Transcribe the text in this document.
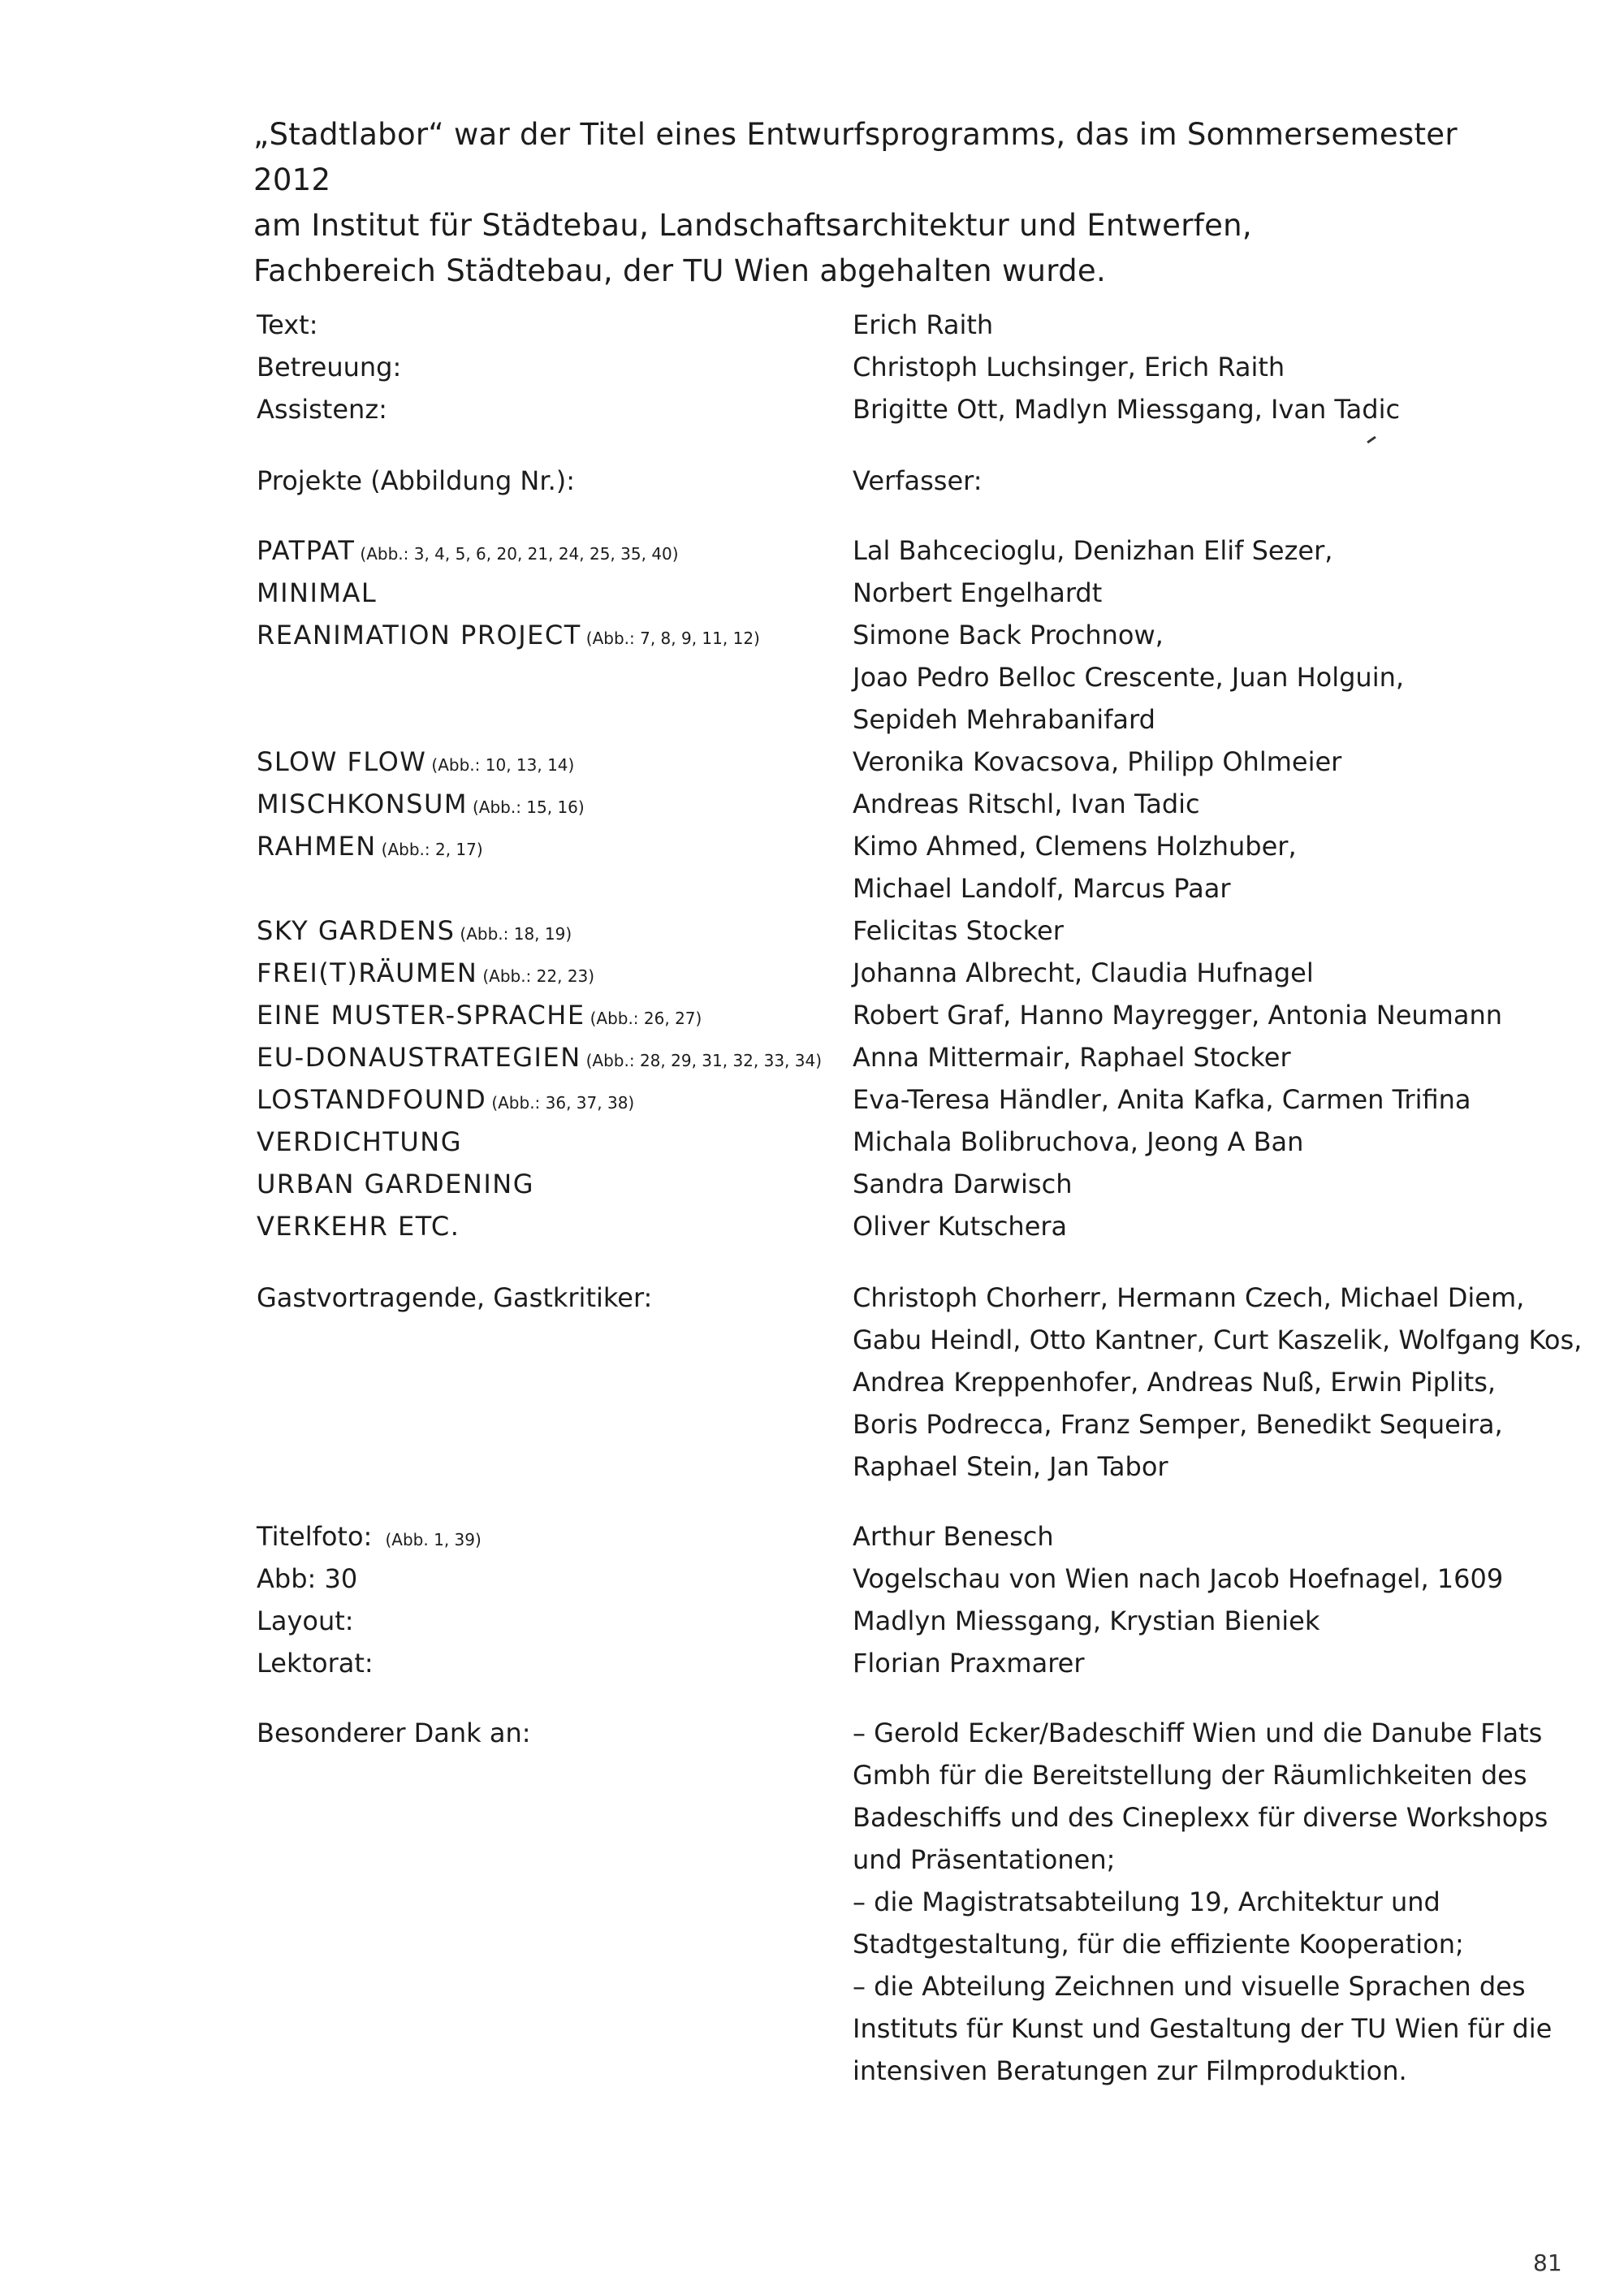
„Stadtlabor“ war der Titel eines Entwurfsprogramms, das im Sommersemester 2012

am Institut für Städtebau, Landschaftsarchitektur und Entwerfen,

Fachbereich Städtebau, der TU Wien abgehalten wurde.

Text:	Erich Raith
Betreuung:	Christoph Luchsinger, Erich Raith
Assistenz:	Brigitte Ott, Madlyn Miessgang, Ivan Tadic
Projekte (Abbildung Nr.):	Verfasser:
PATPAT (Abb.: 3, 4, 5, 6, 20, 21, 24, 25, 35, 40)	Lal Bahcecioglu, Denizhan Elif Sezer,
MINIMAL	Norbert Engelhardt
REANIMATION PROJECT (Abb.: 7, 8, 9, 11, 12)	Simone Back Prochnow,
Joao Pedro Belloc Crescente, Juan Holguin,
Sepideh Mehrabanifard
SLOW FLOW (Abb.: 10, 13, 14)	Veronika Kovacsova, Philipp Ohlmeier
MISCHKONSUM (Abb.: 15, 16)	Andreas Ritschl, Ivan Tadic
RAHMEN (Abb.: 2, 17)	Kimo Ahmed, Clemens Holzhuber,
Michael Landolf, Marcus Paar
SKY GARDENS (Abb.: 18, 19)	Felicitas Stocker
FREI(T)RÄUMEN (Abb.: 22, 23)	Johanna Albrecht, Claudia Hufnagel
EINE MUSTER-SPRACHE (Abb.: 26, 27)	Robert Graf, Hanno Mayregger, Antonia Neumann
EU-DONAUSTRATEGIEN (Abb.: 28, 29, 31, 32, 33, 34) Anna Mittermair, Raphael Stocker
LOSTANDFOUND (Abb.: 36, 37, 38)	Eva-Teresa Händler, Anita Kafka, Carmen Trifina
VERDICHTUNG	Michala Bolibruchova, Jeong A Ban
URBAN GARDENING	Sandra Darwisch
VERKEHR ETC.	Oliver Kutschera
Gastvortragende, Gastkritiker:	Christoph Chorherr, Hermann Czech, Michael Diem,

Gabu Heindl, Otto Kantner, Curt Kaszelik, Wolfgang Kos,

Andrea Kreppenhofer, Andreas Nuß, Erwin Piplits,

Boris Podrecca, Franz Semper, Benedikt Sequeira,

Raphael Stein, Jan Tabor

Titelfoto: (Abb. 1, 39)	Arthur Benesch
Abb: 30	Vogelschau von Wien nach Jacob Hoefnagel, 1609
Layout:	Madlyn Miessgang, Krystian Bieniek
Lektorat:	Florian Praxmarer
Besonderer Dank an:	– Gerold Ecker/Badeschiff Wien und die Danube Flats

Gmbh für die Bereitstellung der Räumlichkeiten des

Badeschiffs und des Cineplexx für diverse Workshops

und Präsentationen;

– die Magistratsabteilung 19, Architektur und

Stadtgestaltung, für die effiziente Kooperation;

– die Abteilung Zeichnen und visuelle Sprachen des

Instituts für Kunst und Gestaltung der TU Wien für die

intensiven Beratungen zur Filmproduktion.

81
